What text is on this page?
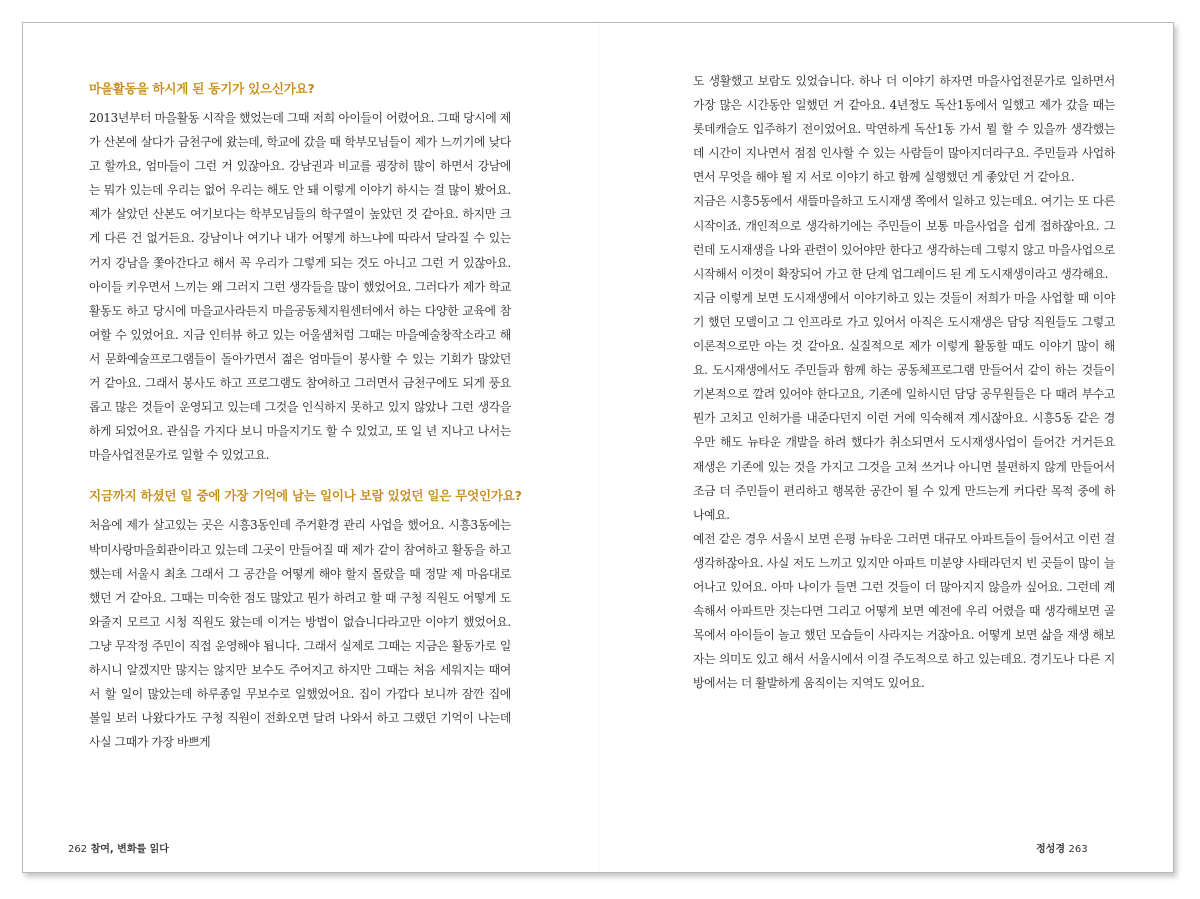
마을활동을 하시게 된 동기가 있으신가요?

2013년부터 마을활동 시작을 했었는데 그때 저희 아이들이 어렸어요. 그때 당시에 제가 산본에 살다가 금천구에 왔는데, 학교에 갔을 때 학부모님들이 제가 느끼기에 낮다고 할까요, 엄마들이 그런 거 있잖아요. 강남권과 비교를 굉장히 많이 하면서 강남에는 뭐가 있는데 우리는 없어 우리는 해도 안 돼 이렇게 이야기 하시는 걸 많이 봤어요. 제가 살았던 산본도 여기보다는 학부모님들의 학구열이 높았던 것 같아요. 하지만 크게 다른 건 없거든요. 강남이나 여기나 내가 어떻게 하느냐에 따라서 달라질 수 있는 거지 강남을 쫓아간다고 해서 꼭 우리가 그렇게 되는 것도 아니고 그런 거 있잖아요. 아이들 키우면서 느끼는 왜 그러지 그런 생각들을 많이 했었어요. 그러다가 제가 학교 활동도 하고 당시에 마을교사라든지 마을공동체지원센터에서 하는 다양한 교육에 참여할 수 있었어요. 지금 인터뷰 하고 있는 어울샘처럼 그때는 마을예술창작소라고 해서 문화예술프로그램들이 돌아가면서 젊은 엄마들이 봉사할 수 있는 기회가 많았던 거 같아요. 그래서 봉사도 하고 프로그램도 참여하고 그러면서 금천구에도 되게 풍요롭고 많은 것들이 운영되고 있는데 그것을 인식하지 못하고 있지 않았나 그런 생각을 하게 되었어요. 관심을 가지다 보니 마을지기도 할 수 있었고, 또 일 년 지나고 나서는 마을사업전문가로 일할 수 있었고요.

지금까지 하셨던 일 중에 가장 기억에 남는 일이나 보람 있었던 일은 무엇인가요?

처음에 제가 살고있는 곳은 시흥3동인데 주거환경 관리 사업을 했어요. 시흥3동에는 박미사랑마을회관이라고 있는데 그곳이 만들어질 때 제가 같이 참여하고 활동을 하고 했는데 서울시 최초 그래서 그 공간을 어떻게 해야 할지 몰랐을 때 정말 제 마음대로 했던 거 같아요. 그때는 미숙한 점도 많았고 뭔가 하려고 할 때 구청 직원도 어떻게 도와줄지 모르고 시청 직원도 왔는데 이거는 방법이 없습니다라고만 이야기 했었어요. 그냥 무작정 주민이 직접 운영해야 됩니다. 그래서 실제로 그때는 지금은 활동가로 일하시니 알겠지만 많지는 않지만 보수도 주어지고 하지만 그때는 처음 세워지는 때여서 할 일이 많았는데 하루종일 무보수로 일했었어요. 집이 가깝다 보니까 잠깐 집에 볼일 보러 나왔다가도 구청 직원이 전화오면 달려 나와서 하고 그랬던 기억이 나는데 사실 그때가 가장 바쁘게

도 생활했고 보람도 있었습니다. 하나 더 이야기 하자면 마을사업전문가로 일하면서 가장 많은 시간동안 일했던 거 같아요. 4년정도 독산1동에서 일했고 제가 갔을 때는 롯데캐슬도 입주하기 전이었어요. 막연하게 독산1동 가서 뭘 할 수 있을까 생각했는데 시간이 지나면서 점점 인사할 수 있는 사람들이 많아지더라구요. 주민들과 사업하면서 무엇을 해야 될 지 서로 이야기 하고 함께 실행했던 게 좋았던 거 같아요.

지금은 시흥5동에서 새뜰마을하고 도시재생 쪽에서 일하고 있는데요. 여기는 또 다른 시작이죠. 개인적으로 생각하기에는 주민들이 보통 마을사업을 쉽게 접하잖아요. 그런데 도시재생을 나와 관련이 있어야만 한다고 생각하는데 그렇지 않고 마을사업으로 시작해서 이것이 확장되어 가고 한 단계 업그레이드 된 게 도시재생이라고 생각해요.

지금 이렇게 보면 도시재생에서 이야기하고 있는 것들이 저희가 마을 사업할 때 이야기 했던 모델이고 그 인프라로 가고 있어서 아직은 도시재생은 담당 직원들도 그렇고 이론적으로만 아는 것 같아요. 실질적으로 제가 이렇게 활동할 때도 이야기 많이 해요. 도시재생에서도 주민들과 함께 하는 공동체프로그램 만들어서 같이 하는 것들이 기본적으로 깔려 있어야 한다고요, 기존에 일하시던 담당 공무원들은 다 때려 부수고 뭔가 고치고 인허가를 내준다던지 이런 거에 익숙해져 계시잖아요. 시흥5동 같은 경우만 해도 뉴타운 개발을 하려 했다가 취소되면서 도시재생사업이 들어간 거거든요 재생은 기존에 있는 것을 가지고 그것을 고쳐 쓰거나 아니면 불편하지 않게 만들어서 조금 더 주민들이 편리하고 행복한 공간이 될 수 있게 만드는게 커다란 목적 중에 하나예요.

예전 같은 경우 서울시 보면 은평 뉴타운 그러면 대규모 아파트들이 들어서고 이런 걸 생각하잖아요. 사실 저도 느끼고 있지만 아파트 미분양 사태라던지 빈 곳들이 많이 늘어나고 있어요. 아마 나이가 들면 그런 것들이 더 많아지지 않을까 싶어요. 그런데 계속해서 아파트만 짓는다면 그리고 어떻게 보면 예전에 우리 어렸을 때 생각해보면 골목에서 아이들이 놀고 했던 모습들이 사라지는 거잖아요. 어떻게 보면 삶을 재생 해보자는 의미도 있고 해서 서울시에서 이걸 주도적으로 하고 있는데요. 경기도나 다른 지방에서는 더 활발하게 움직이는 지역도 있어요.

262 참여, 변화를 읽다	정성경 263
